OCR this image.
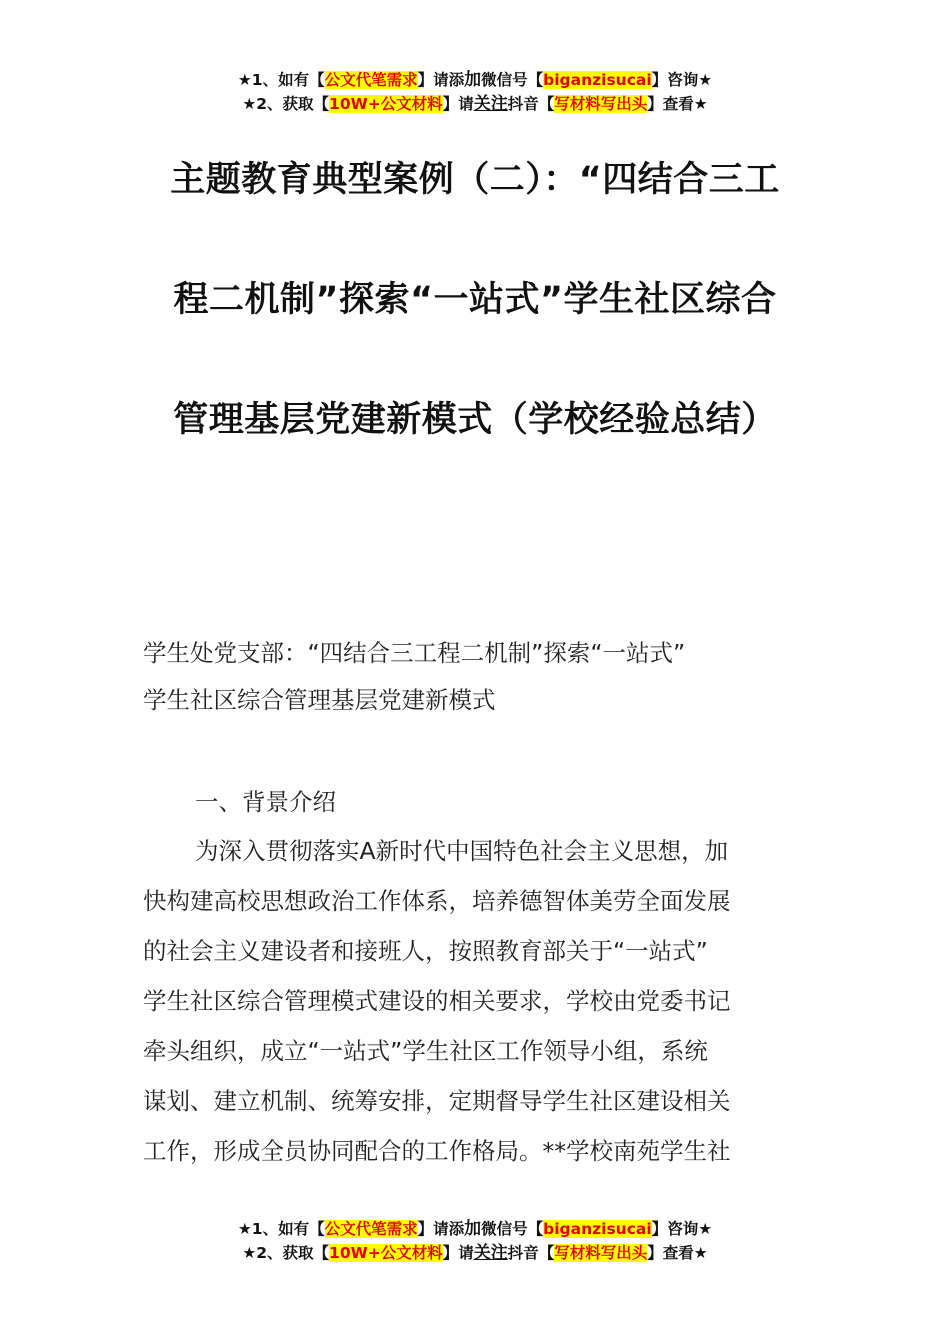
★1、如有【公文代笔需求】请添加微信号【biganzisucai】咨询★
★2、获取【10W+公文材料】请关注抖音【写材料写出头】查看★
主题教育典型案例（二）：“四结合三工
程二机制”探索“一站式”学生社区综合
管理基层党建新模式（学校经验总结）
学生处党支部：“四结合三工程二机制”探索“一站式”
学生社区综合管理基层党建新模式
一、背景介绍
为深入贯彻落实A新时代中国特色社会主义思想，加
快构建高校思想政治工作体系，培养德智体美劳全面发展
的社会主义建设者和接班人，按照教育部关于“一站式”
学生社区综合管理模式建设的相关要求，学校由党委书记
牵头组织，成立“一站式”学生社区工作领导小组，系统
谋划、建立机制、统筹安排，定期督导学生社区建设相关
工作，形成全员协同配合的工作格局。**学校南苑学生社
★1、如有【公文代笔需求】请添加微信号【biganzisucai】咨询★
★2、获取【10W+公文材料】请关注抖音【写材料写出头】查看★
